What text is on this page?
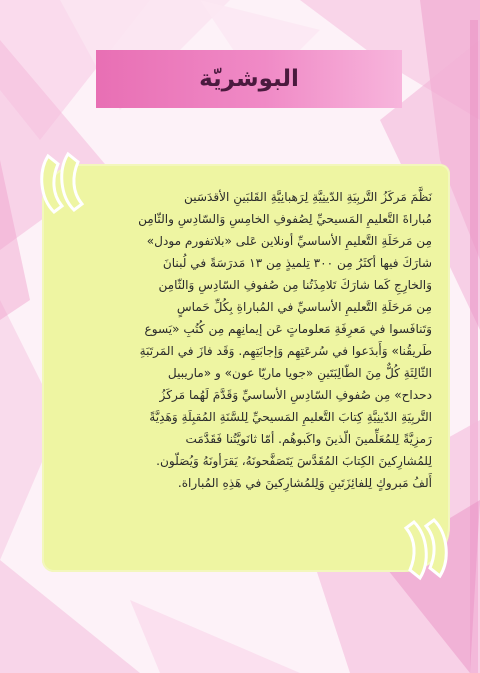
البوشريّة

نَظَّمَ مَركَزُ التَّربِيَةِ الدّينِيَّةِ لِرَهبانِيَّةِ القَلبَينِ الأقدَسَين

مُباراةَ التَّعليمِ المَسيحيِّ لِصُفوفِ الخامِسِ وَالسّادِسِ والثّامِن

مِن مَرحَلَةِ التَّعليمِ الأساسيِّ أونلاين عَلى «بلاتفورم مودل»

شارَكَ فيها أكثَرُ مِن ٣٠٠ تِلميذٍ مِن ١٣ مَدرَسَةً في لُبنانَ

وَالخارِجِ كَما شارَكَ تَلامِذَتُنا مِن صُفوفِ السّادِسِ وَالثّامِن

مِن مَرحَلَةِ التَّعليمِ الأساسيِّ في المُباراةِ بِكُلِّ حَماسٍ

وَتَنافَسوا في مَعرِفَةِ مَعلوماتٍ عَن إيمانِهِم مِن كُتُبِ «يَسوع

طَريقُنا» وَأَبدَعوا في سُرعَتِهِم وَإجابَتِهِم. وَقَد فازَ في المَرتَبَةِ

الثّالِثَةِ كُلٌّ مِنَ الطّالِبَتَينِ «جويا ماريّا عون» و «ماريبيل

دحداح» مِن صُفوفِ السّادِسِ الأساسيِّ وَقَدَّمَ لَهُما مَركَزُ

التَّربِيَةِ الدّينِيَّةِ كِتابَ التَّعليمِ المَسيحيِّ لِلسَّنَةِ المُقبِلَةِ وَهَدِيَّةً

رَمزِيَّةً لِلمُعَلِّمينَ الّذينَ واكَبوهُم. أمّا ثانَويَّتُنا فَقَدَّمَت

لِلمُشارِكينَ الكِتابَ المُقَدَّسَ يَتَصَفَّحونَهُ، يَقرَأونَهُ وَيُصَلّون.

أَلفُ مَبروكٍ لِلفائِزَتَينِ وَلِلمُشارِكينَ في هَذِهِ المُباراة.
